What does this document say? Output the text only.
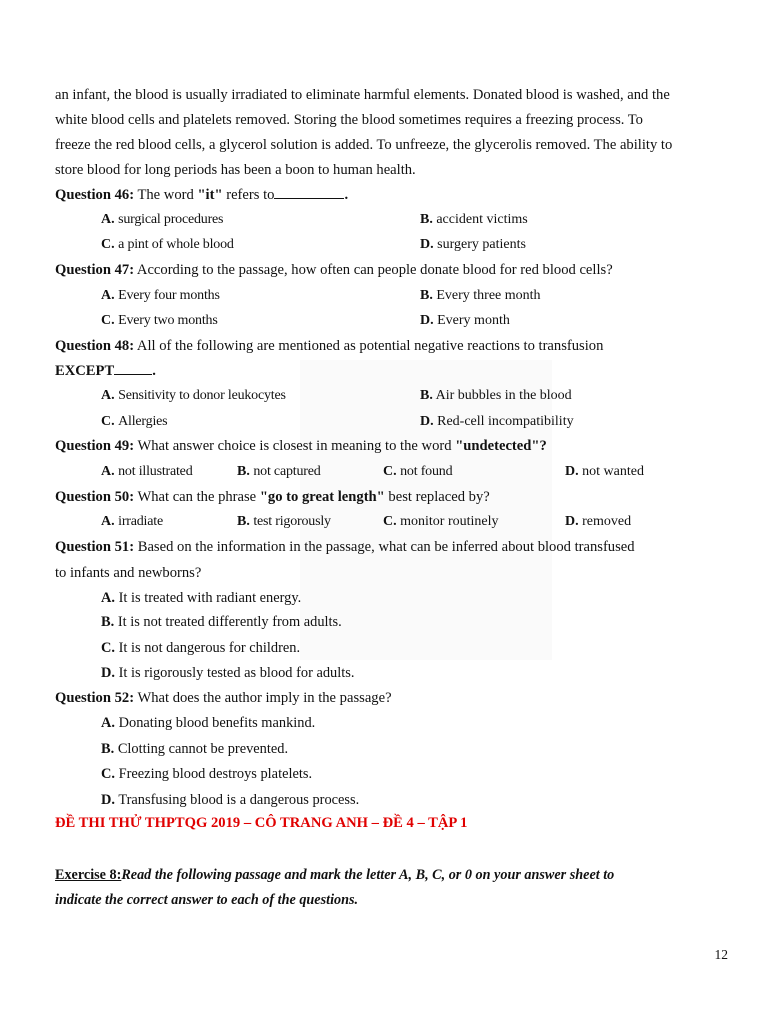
an infant, the blood is usually irradiated to eliminate harmful elements. Donated blood is washed, and the
white blood cells and platelets removed. Storing the blood sometimes requires a freezing process. To
freeze the red blood cells, a glycerol solution is added. To unfreeze, the glycerolis removed. The ability to
store blood for long periods has been a boon to human health.
Question 46: The word "it" refers to	.
A. surgical procedures	B. accident victims
C. a pint of whole blood	D. surgery patients
Question 47: According to the passage, how often can people donate blood for red blood cells?
A. Every four months	B. Every three month
C. Every two months	D. Every month
Question 48: All of the following are mentioned as potential negative reactions to transfusion
EXCEPT	.
A. Sensitivity to donor leukocytes	B. Air bubbles in the blood
C. Allergies	D. Red-cell incompatibility
Question 49: What answer choice is closest in meaning to the word "undetected"?
A. not illustrated	B. not captured	C. not found	D. not wanted
Question 50: What can the phrase "go to great length" best replaced by?
A. irradiate	B. test rigorously	C. monitor routinely	D. removed
Question 51: Based on the information in the passage, what can be inferred about blood transfused
to infants and newborns?
A. It is treated with radiant energy.
B. It is not treated differently from adults.
C. It is not dangerous for children.
D. It is rigorously tested as blood for adults.
Question 52: What does the author imply in the passage?
A. Donating blood benefits mankind.
B. Clotting cannot be prevented.
C. Freezing blood destroys platelets.
D. Transfusing blood is a dangerous process.
ĐỀ THI THỬ THPTQG 2019 – CÔ TRANG ANH – ĐỀ 4 – TẬP 1
Exercise 8:Read the following passage and mark the letter A, B, C, or 0 on your answer sheet to
indicate the correct answer to each of the questions.
12
